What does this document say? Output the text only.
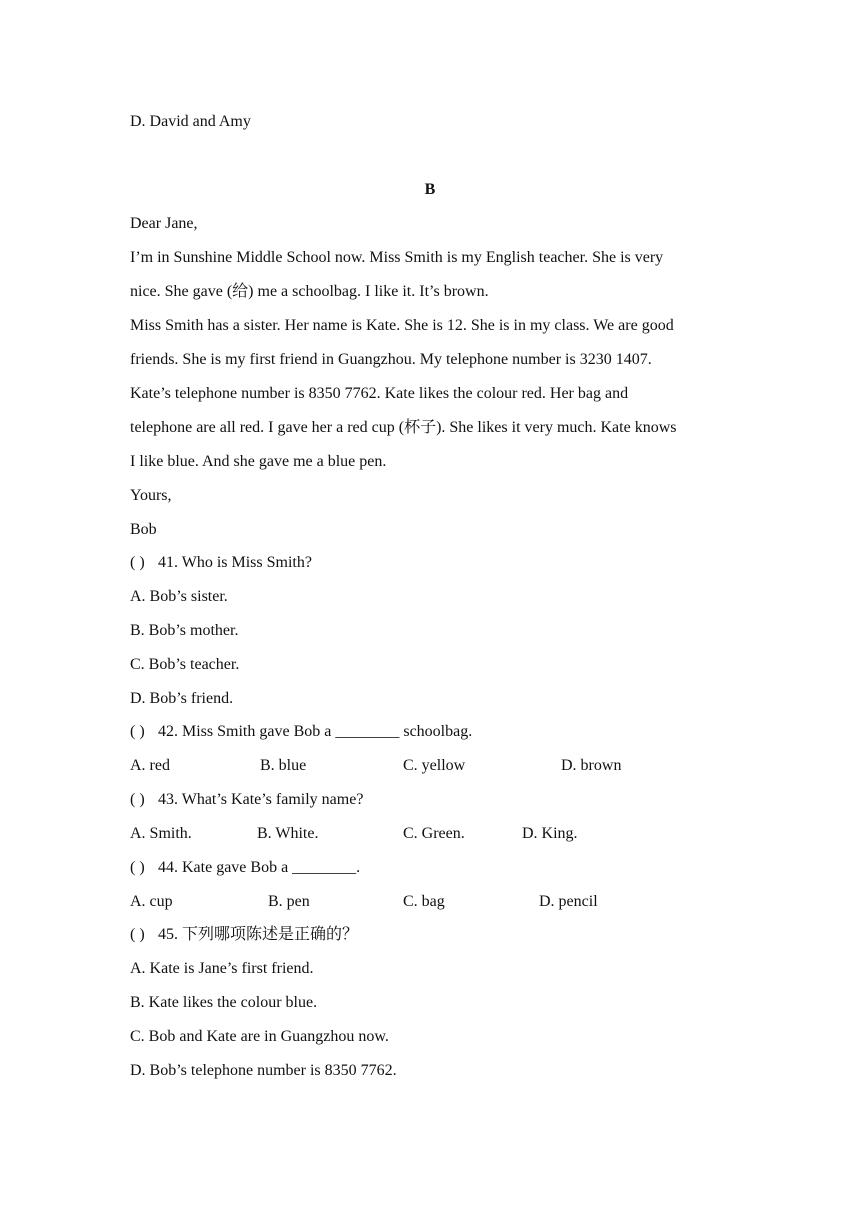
D. David and Amy
B
Dear Jane,
I’m in Sunshine Middle School now. Miss Smith is my English teacher. She is very
nice. She gave (给) me a schoolbag. I like it. It’s brown.
Miss Smith has a sister. Her name is Kate. She is 12. She is in my class. We are good
friends. She is my first friend in Guangzhou. My telephone number is 3230 1407.
Kate’s telephone number is 8350 7762. Kate likes the colour red. Her bag and
telephone are all red. I gave her a red cup (杯子). She likes it very much. Kate knows
I like blue. And she gave me a blue pen.
Yours,
Bob
( ) 41. Who is Miss Smith?
A. Bob’s sister.
B. Bob’s mother.
C. Bob’s teacher.
D. Bob’s friend.
( ) 42. Miss Smith gave Bob a ________ schoolbag.
A. red	B. blue	C. yellow	D. brown
( ) 43. What’s Kate’s family name?
A. Smith.	B. White.	C. Green.	D. King.
( ) 44. Kate gave Bob a ________.
A. cup	B. pen	C. bag	D. pencil
( ) 45. 下列哪项陈述是正确的？
A. Kate is Jane’s first friend.
B. Kate likes the colour blue.
C. Bob and Kate are in Guangzhou now.
D. Bob’s telephone number is 8350 7762.
